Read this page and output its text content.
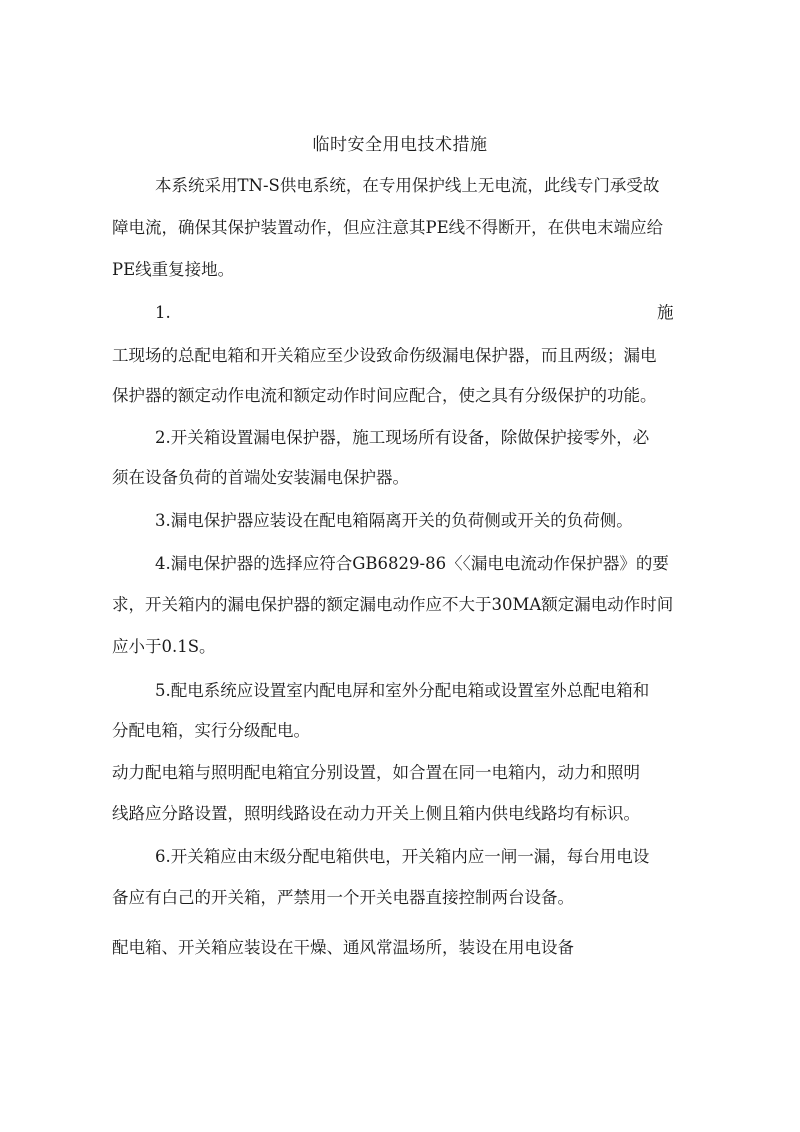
临时安全用电技术措施
本系统采用TN-S供电系统，在专用保护线上无电流，此线专门承受故
障电流，确保其保护装置动作，但应注意其PE线不得断开，在供电末端应给
PE线重复接地。
1.	施
工现场的总配电箱和开关箱应至少设致命伤级漏电保护器，而且两级；漏电
保护器的额定动作电流和额定动作时间应配合，使之具有分级保护的功能。
2.开关箱设置漏电保护器，施工现场所有设备，除做保护接零外，必
须在设备负荷的首端处安装漏电保护器。
3.漏电保护器应装设在配电箱隔离开关的负荷侧或开关的负荷侧。
4.漏电保护器的选择应符合GB6829-86〈〈漏电电流动作保护器》的要
求，开关箱内的漏电保护器的额定漏电动作应不大于30MA额定漏电动作时间
应小于0.1S。
5.配电系统应设置室内配电屏和室外分配电箱或设置室外总配电箱和
分配电箱，实行分级配电。
动力配电箱与照明配电箱宜分别设置，如合置在同一电箱内，动力和照明
线路应分路设置，照明线路设在动力开关上侧且箱内供电线路均有标识。
6.开关箱应由末级分配电箱供电，开关箱内应一闸一漏，每台用电设
备应有白己的开关箱，严禁用一个开关电器直接控制两台设备。
配电箱、开关箱应装设在干燥、通风常温场所，装设在用电设备
